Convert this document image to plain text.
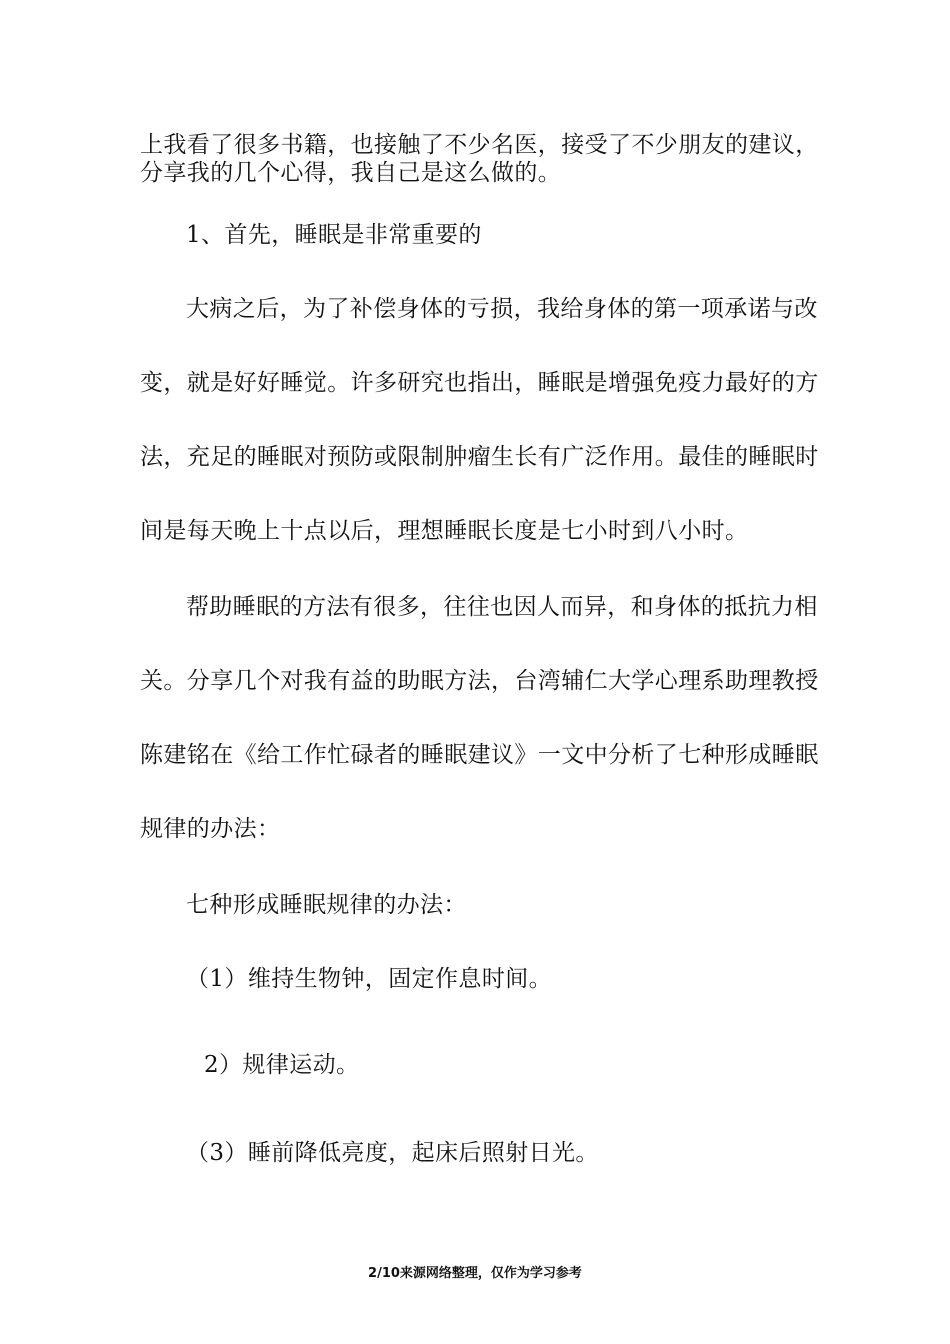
上我看了很多书籍，也接触了不少名医，接受了不少朋友的建议，
分享我的几个心得，我自己是这么做的。
1、首先，睡眠是非常重要的
大病之后，为了补偿身体的亏损，我给身体的第一项承诺与改
变，就是好好睡觉。许多研究也指出，睡眠是增强免疫力最好的方
法，充足的睡眠对预防或限制肿瘤生长有广泛作用。最佳的睡眠时
间是每天晚上十点以后，理想睡眠长度是七小时到八小时。
帮助睡眠的方法有很多，往往也因人而异，和身体的抵抗力相
关。分享几个对我有益的助眠方法，台湾辅仁大学心理系助理教授
陈建铭在《给工作忙碌者的睡眠建议》一文中分析了七种形成睡眠
规律的办法：
七种形成睡眠规律的办法：
（1）维持生物钟，固定作息时间。
2）规律运动。
（3）睡前降低亮度，起床后照射日光。
2/10来源网络整理，仅作为学习参考
